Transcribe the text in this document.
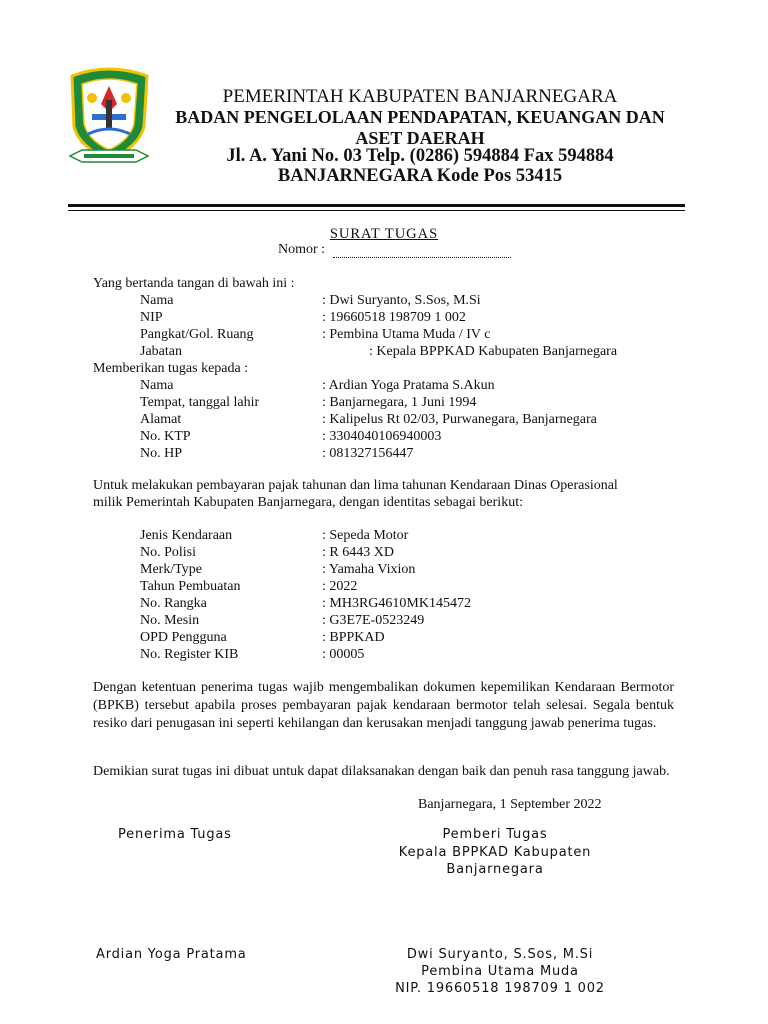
PEMERINTAH KABUPATEN BANJARNEGARA
BADAN PENGELOLAAN PENDAPATAN, KEUANGAN DAN
ASET DAERAH
Jl. A. Yani No. 03 Telp. (0286) 594884 Fax 594884
BANJARNEGARA Kode Pos 53415
SURAT TUGAS
Nomor :
Yang bertanda tangan di bawah ini :
Nama	: Dwi Suryanto, S.Sos, M.Si
NIP	: 19660518 198709 1 002
Pangkat/Gol. Ruang	: Pembina Utama Muda / IV c
Jabatan	: Kepala BPPKAD Kabupaten Banjarnegara
Memberikan tugas kepada :
Nama	: Ardian Yoga Pratama S.Akun
Tempat, tanggal lahir	: Banjarnegara, 1 Juni 1994
Alamat	: Kalipelus Rt 02/03, Purwanegara, Banjarnegara
No. KTP	: 3304040106940003
No. HP	: 081327156447
Untuk melakukan pembayaran pajak tahunan dan lima tahunan Kendaraan Dinas Operasional
milik Pemerintah Kabupaten Banjarnegara, dengan identitas sebagai berikut:
Jenis Kendaraan	: Sepeda Motor
No. Polisi	: R 6443 XD
Merk/Type	: Yamaha Vixion
Tahun Pembuatan	: 2022
No. Rangka	: MH3RG4610MK145472
No. Mesin	: G3E7E-0523249
OPD Pengguna	: BPPKAD
No. Register KIB	: 00005
Dengan ketentuan penerima tugas wajib mengembalikan dokumen kepemilikan Kendaraan Bermotor (BPKB) tersebut apabila proses pembayaran pajak kendaraan bermotor telah selesai. Segala bentuk resiko dari penugasan ini seperti kehilangan dan kerusakan menjadi tanggung jawab penerima tugas.
Demikian surat tugas ini dibuat untuk dapat dilaksanakan dengan baik dan penuh rasa tanggung jawab.
Banjarnegara, 1 September 2022
Penerima Tugas	Pemberi Tugas
Kepala BPPKAD Kabupaten
Banjarnegara
Ardian Yoga Pratama	Dwi Suryanto, S.Sos, M.Si
Pembina Utama Muda
NIP. 19660518 198709 1 002
